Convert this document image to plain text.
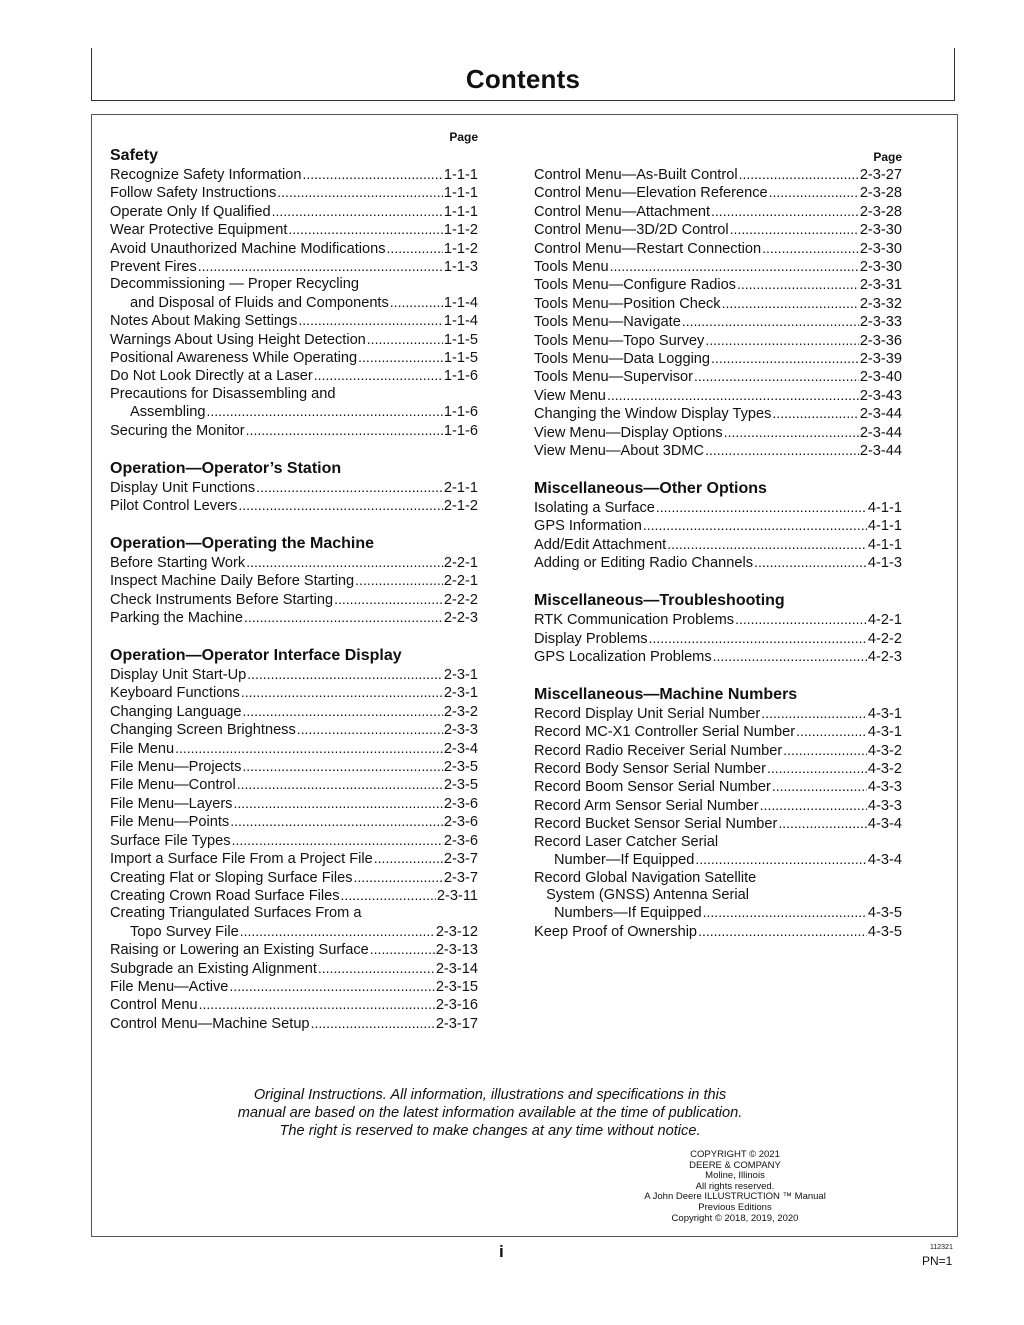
Contents
Page
Safety
Recognize Safety Information .....	1-1-1
Follow Safety Instructions .....	1-1-1
Operate Only If Qualified .....	1-1-1
Wear Protective Equipment .....	1-1-2
Avoid Unauthorized Machine Modifications .....	1-1-2
Prevent Fires .....	1-1-3
Decommissioning — Proper Recycling
and Disposal of Fluids and Components .....	1-1-4
Notes About Making Settings .....	1-1-4
Warnings About Using Height Detection .....	1-1-5
Positional Awareness While Operating .....	1-1-5
Do Not Look Directly at a Laser .....	1-1-6
Precautions for Disassembling and
Assembling .....	1-1-6
Securing the Monitor .....	1-1-6
Operation—Operator’s Station
Display Unit Functions .....	2-1-1
Pilot Control Levers .....	2-1-2
Operation—Operating the Machine
Before Starting Work .....	2-2-1
Inspect Machine Daily Before Starting .....	2-2-1
Check Instruments Before Starting .....	2-2-2
Parking the Machine .....	2-2-3
Operation—Operator Interface Display
Display Unit Start-Up .....	2-3-1
Keyboard Functions .....	2-3-1
Changing Language .....	2-3-2
Changing Screen Brightness .....	2-3-3
File Menu .....	2-3-4
File Menu—Projects .....	2-3-5
File Menu—Control .....	2-3-5
File Menu—Layers .....	2-3-6
File Menu—Points .....	2-3-6
Surface File Types .....	2-3-6
Import a Surface File From a Project File .....	2-3-7
Creating Flat or Sloping Surface Files .....	2-3-7
Creating Crown Road Surface Files .....	2-3-11
Creating Triangulated Surfaces From a
Topo Survey File .....	2-3-12
Raising or Lowering an Existing Surface .....	2-3-13
Subgrade an Existing Alignment .....	2-3-14
File Menu—Active .....	2-3-15
Control Menu .....	2-3-16
Control Menu—Machine Setup .....	2-3-17
Page
Control Menu—As-Built Control .....	2-3-27
Control Menu—Elevation Reference .....	2-3-28
Control Menu—Attachment .....	2-3-28
Control Menu—3D/2D Control .....	2-3-30
Control Menu—Restart Connection .....	2-3-30
Tools Menu .....	2-3-30
Tools Menu—Configure Radios .....	2-3-31
Tools Menu—Position Check .....	2-3-32
Tools Menu—Navigate .....	2-3-33
Tools Menu—Topo Survey .....	2-3-36
Tools Menu—Data Logging .....	2-3-39
Tools Menu—Supervisor .....	2-3-40
View Menu .....	2-3-43
Changing the Window Display Types .....	2-3-44
View Menu—Display Options .....	2-3-44
View Menu—About 3DMC .....	2-3-44
Miscellaneous—Other Options
Isolating a Surface .....	4-1-1
GPS Information .....	4-1-1
Add/Edit Attachment .....	4-1-1
Adding or Editing Radio Channels .....	4-1-3
Miscellaneous—Troubleshooting
RTK Communication Problems .....	4-2-1
Display Problems .....	4-2-2
GPS Localization Problems .....	4-2-3
Miscellaneous—Machine Numbers
Record Display Unit Serial Number .....	4-3-1
Record MC-X1 Controller Serial Number .....	4-3-1
Record Radio Receiver Serial Number .....	4-3-2
Record Body Sensor Serial Number .....	4-3-2
Record Boom Sensor Serial Number .....	4-3-3
Record Arm Sensor Serial Number .....	4-3-3
Record Bucket Sensor Serial Number .....	4-3-4
Record Laser Catcher Serial
Number—If Equipped .....	4-3-4
Record Global Navigation Satellite
System (GNSS) Antenna Serial
Numbers—If Equipped .....	4-3-5
Keep Proof of Ownership .....	4-3-5
Original Instructions. All information, illustrations and specifications in this
manual are based on the latest information available at the time of publication.
The right is reserved to make changes at any time without notice.
COPYRIGHT © 2021
DEERE & COMPANY
Moline, Illinois
All rights reserved.
A John Deere ILLUSTRUCTION ™ Manual
Previous Editions
Copyright © 2018, 2019, 2020
i	112321
PN=1
